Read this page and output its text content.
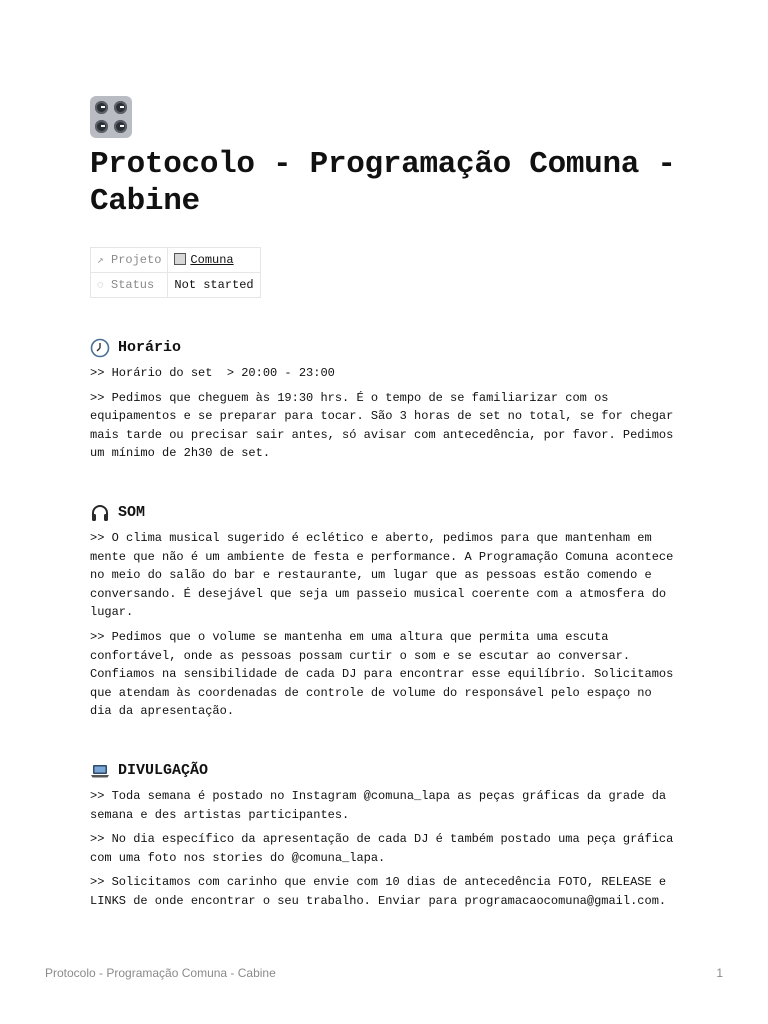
Protocolo - Programação Comuna - Cabine
↗ Projeto	Comuna
◌ Status	Not started
Horário

>> Horário do set  > 20:00 - 23:00

>> Pedimos que cheguem às 19:30 hrs. É o tempo de se familiarizar com os equipamentos e se preparar para tocar. São 3 horas de set no total, se for chegar mais tarde ou precisar sair antes, só avisar com antecedência, por favor. Pedimos um mínimo de 2h30 de set.

SOM

>> O clima musical sugerido é eclético e aberto, pedimos para que mantenham em mente que não é um ambiente de festa e performance. A Programação Comuna acontece no meio do salão do bar e restaurante, um lugar que as pessoas estão comendo e conversando. É desejável que seja um passeio musical coerente com a atmosfera do lugar.

>> Pedimos que o volume se mantenha em uma altura que permita uma escuta confortável, onde as pessoas possam curtir o som e se escutar ao conversar. Confiamos na sensibilidade de cada DJ para encontrar esse equilíbrio. Solicitamos que atendam às coordenadas de controle de volume do responsável pelo espaço no dia da apresentação.

DIVULGAÇÃO

>> Toda semana é postado no Instagram @comuna_lapa as peças gráficas da grade da semana e des artistas participantes.

>> No dia específico da apresentação de cada DJ é também postado uma peça gráfica com uma foto nos stories do @comuna_lapa.

>> Solicitamos com carinho que envie com 10 dias de antecedência FOTO, RELEASE e LINKS de onde encontrar o seu trabalho. Enviar para programacaocomuna@gmail.com.

Protocolo - Programação Comuna - Cabine	1
